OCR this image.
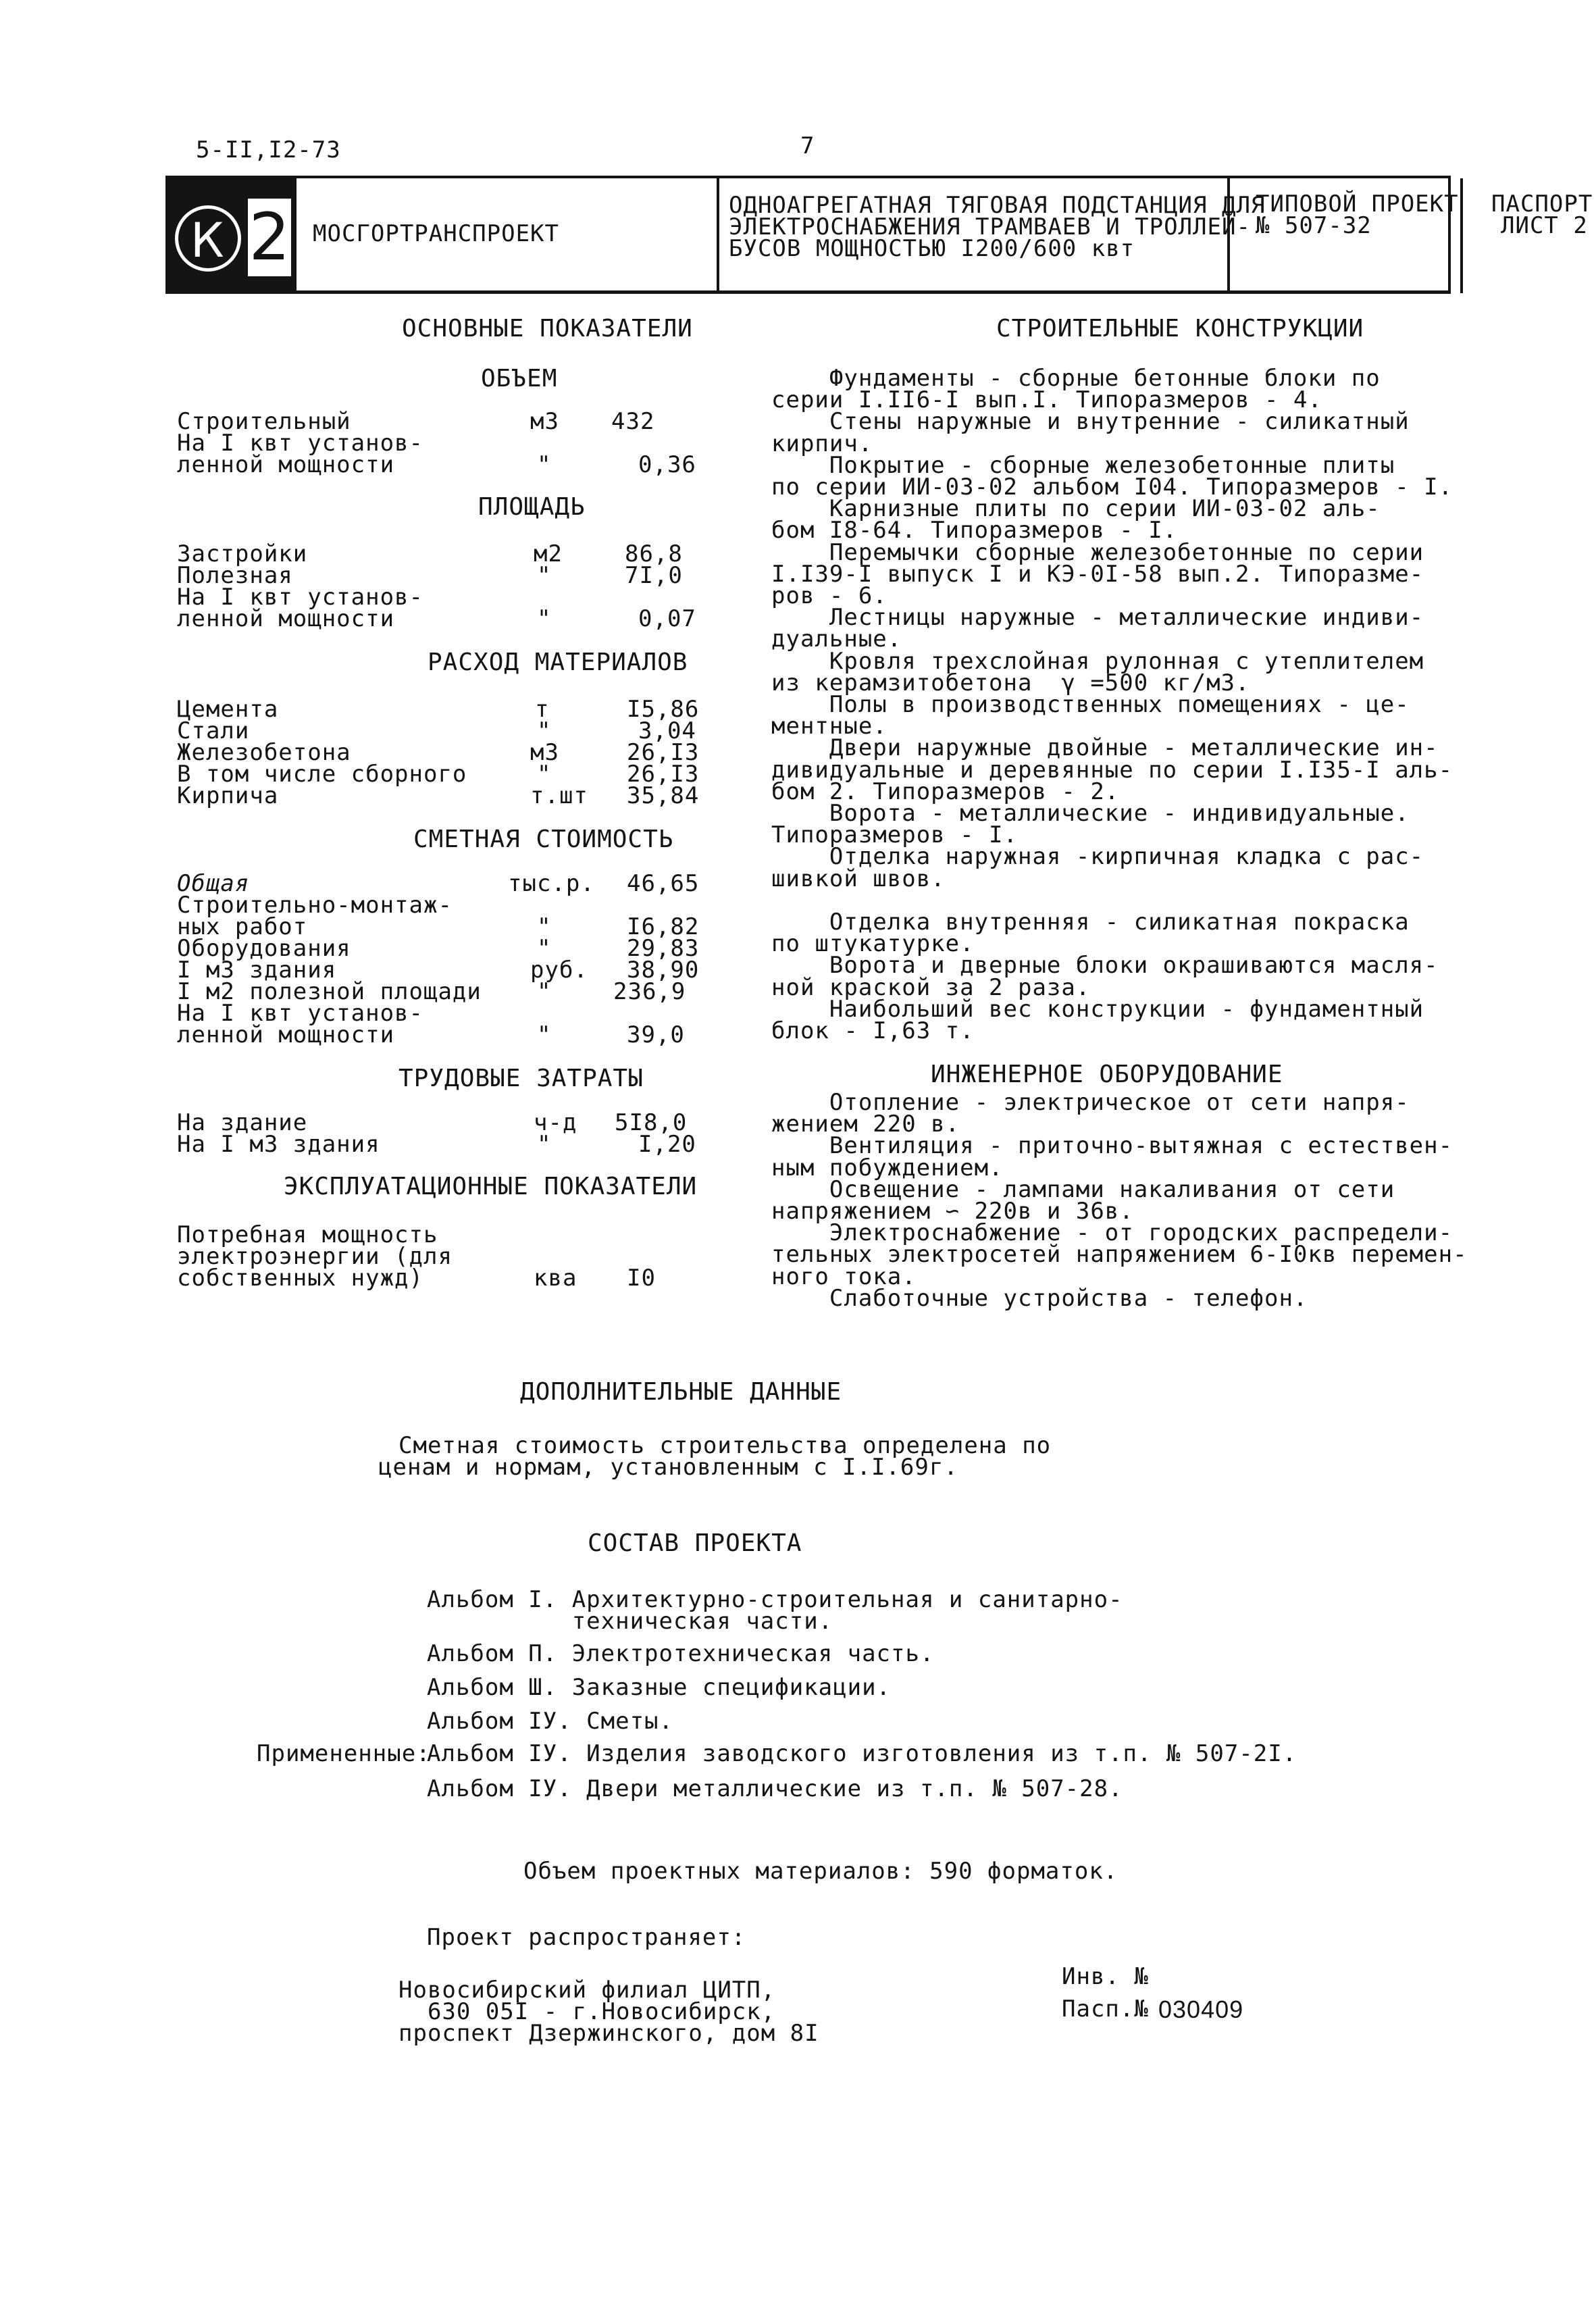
5-II,I2-73	7
К 2 МОСГОРТРАНСПРОЕКТ
ОДНОАГРЕГАТНАЯ ТЯГОВАЯ ПОДСТАНЦИЯ ДЛЯ
ЭЛЕКТРОСНАБЖЕНИЯ ТРАМВАЕВ И ТРОЛЛЕЙ-
БУСОВ МОЩНОСТЬЮ I200/600 квт
ТИПОВОЙ ПРОЕКТ
№ 507-32
ПАСПОРТ
ЛИСТ 2
ОСНОВНЫЕ ПОКАЗАТЕЛИ
ОБЪЕМ
Строительный	м3 432
На I квт установ-
ленной мощности	"	0,36
ПЛОЩАДЬ
Застройки	м2	86,8
Полезная	"	7I,0
На I квт установ-
ленной мощности	"	0,07
РАСХОД МАТЕРИАЛОВ
Цемента	т	I5,86
Стали	"	3,04
Железобетона	м3	26,I3
В том числе сборного	"	26,I3
Кирпича	т.шт 35,84
СМЕТНАЯ СТОИМОСТЬ
Общая	тыс.р. 46,65
Строительно-монтаж-
ных работ	"	I6,82
Оборудования	"	29,83
I м3 здания	руб. 38,90
I м2 полезной площади "	236,9
На I квт установ-
ленной мощности	"	39,0
ТРУДОВЫЕ ЗАТРАТЫ
На здание	ч-д 5I8,0
На I м3 здания	"	I,20
ЭКСПЛУАТАЦИОННЫЕ ПОКАЗАТЕЛИ
Потребная мощность
электроэнергии (для
собственных нужд)	ква I0
СТРОИТЕЛЬНЫЕ КОНСТРУКЦИИ
Фундаменты - сборные бетонные блоки по
серии I.II6-I вып.I. Типоразмеров - 4.
Стены наружные и внутренние - силикатный
кирпич.
Покрытие - сборные железобетонные плиты
по серии ИИ-03-02 альбом I04. Типоразмеров - I.
Карнизные плиты по серии ИИ-03-02 аль-
бом I8-64. Типоразмеров - I.
Перемычки сборные железобетонные по серии
I.I39-I выпуск I и КЭ-0I-58 вып.2. Типоразме-
ров - 6.
Лестницы наружные - металлические индиви-
дуальные.
Кровля трехслойная рулонная с утеплителем
из керамзитобетона  γ =500 кг/м3.
Полы в производственных помещениях - це-
ментные.
Двери наружные двойные - металлические ин-
дивидуальные и деревянные по серии I.I35-I аль-
бом 2. Типоразмеров - 2.
Ворота - металлические - индивидуальные.
Типоразмеров - I.
Отделка наружная -кирпичная кладка с рас-
шивкой швов.
Отделка внутренняя - силикатная покраска
по штукатурке.
Ворота и дверные блоки окрашиваются масля-
ной краской за 2 раза.
Наибольший вес конструкции - фундаментный
блок - I,63 т.
ИНЖЕНЕРНОЕ ОБОРУДОВАНИЕ
Отопление - электрическое от сети напря-
жением 220 в.
Вентиляция - приточно-вытяжная с естествен-
ным побуждением.
Освещение - лампами накаливания от сети
напряжением ∽ 220в и 36в.
Электроснабжение - от городских распредели-
тельных электросетей напряжением 6-I0кв перемен-
ного тока.
Слаботочные устройства - телефон.
ДОПОЛНИТЕЛЬНЫЕ ДАННЫЕ
Сметная стоимость строительства определена по
ценам и нормам, установленным с I.I.69г.
СОСТАВ ПРОЕКТА
Альбом I. Архитектурно-строительная и санитарно-
техническая части.
Альбом П. Электротехническая часть.
Альбом Ш. Заказные спецификации.
Альбом IУ. Сметы.
Примененные:
Альбом IУ. Изделия заводского изготовления из т.п. № 507-2I.
Альбом IУ. Двери металлические из т.п. № 507-28.
Объем проектных материалов: 590 форматок.
Проект распространяет:
Новосибирский филиал ЦИТП,
630 05I - г.Новосибирск,
проспект Дзержинского, дом 8I
Инв. №
Пасп.№ 030409
